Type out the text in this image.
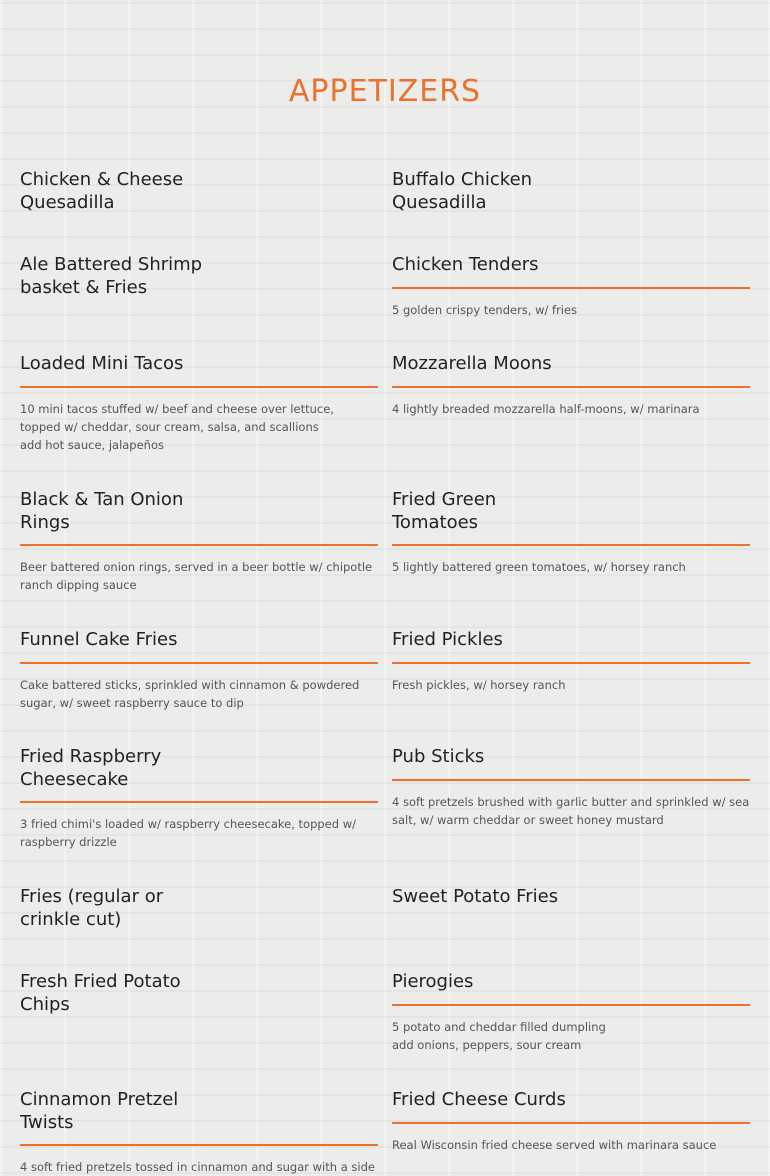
APPETIZERS
Chicken & Cheese Quesadilla
Buffalo Chicken Quesadilla
Ale Battered Shrimp basket & Fries
Chicken Tenders
5 golden crispy tenders, w/ fries
Loaded Mini Tacos
10 mini tacos stuffed w/ beef and cheese over lettuce, topped w/ cheddar, sour cream, salsa, and scallions
add hot sauce, jalapeños
Mozzarella Moons
4 lightly breaded mozzarella half-moons, w/ marinara
Black & Tan Onion Rings
Beer battered onion rings, served in a beer bottle w/ chipotle ranch dipping sauce
Fried Green Tomatoes
5 lightly battered green tomatoes, w/ horsey ranch
Funnel Cake Fries
Cake battered sticks, sprinkled with cinnamon & powdered sugar, w/ sweet raspberry sauce to dip
Fried Pickles
Fresh pickles, w/ horsey ranch
Fried Raspberry Cheesecake
3 fried chimi's loaded w/ raspberry cheesecake, topped w/ raspberry drizzle
Pub Sticks
4 soft pretzels brushed with garlic butter and sprinkled w/ sea salt, w/ warm cheddar or sweet honey mustard
Fries (regular or crinkle cut)
Sweet Potato Fries
Fresh Fried Potato Chips
Pierogies
5 potato and cheddar filled dumpling
add onions, peppers, sour cream
Cinnamon Pretzel Twists
4 soft fried pretzels tossed in cinnamon and sugar with a side
Fried Cheese Curds
Real Wisconsin fried cheese served with marinara sauce
